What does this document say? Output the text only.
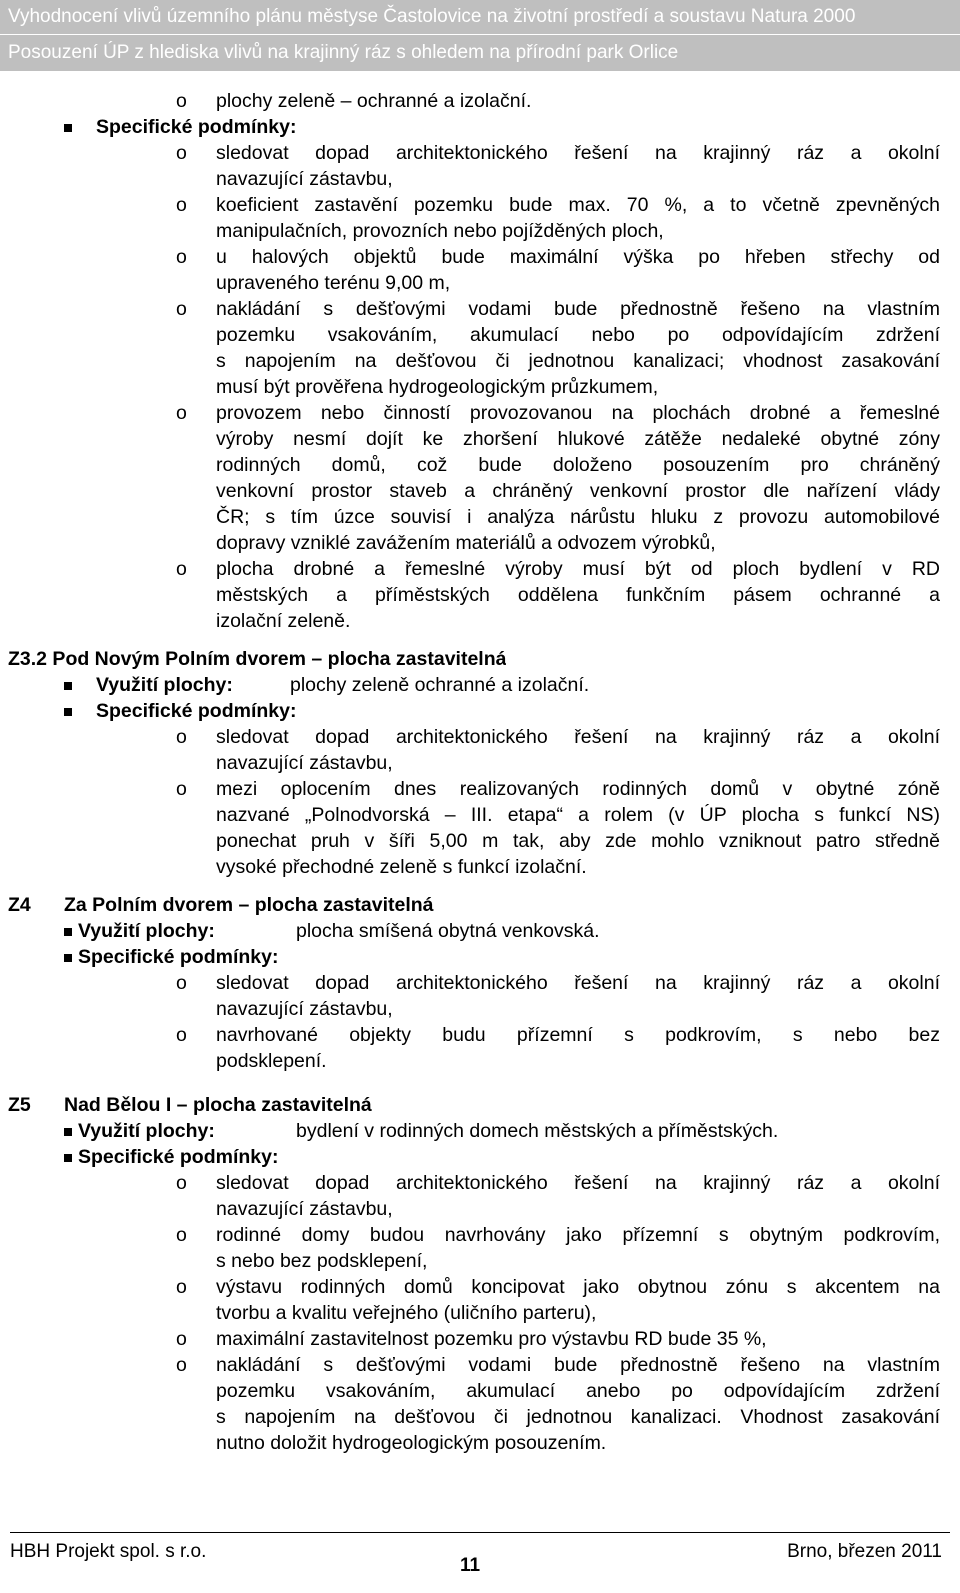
Vyhodnocení vlivů územního plánu městyse Častolovice na životní prostředí a soustavu Natura 2000
Posouzení ÚP z hlediska vlivů na krajinný ráz s ohledem na přírodní park Orlice
o plochy zeleně – ochranné a izolační.
Specifické podmínky:
o sledovat dopad architektonického řešení na krajinný ráz a okolní
navazující zástavbu,
o koeficient zastavění pozemku bude max. 70 %, a to včetně zpevněných
manipulačních, provozních nebo pojížděných ploch,
o u halových objektů bude maximální výška po hřeben střechy od
upraveného terénu 9,00 m,
o nakládání s dešťovými vodami bude přednostně řešeno na vlastním
pozemku vsakováním, akumulací nebo po odpovídajícím zdržení
s napojením na dešťovou či jednotnou kanalizaci; vhodnost zasakování
musí být prověřena hydrogeologickým průzkumem,
o provozem nebo činností provozovanou na plochách drobné a řemeslné
výroby nesmí dojít ke zhoršení hlukové zátěže nedaleké obytné zóny
rodinných domů, což bude doloženo posouzením pro chráněný
venkovní prostor staveb a chráněný venkovní prostor dle nařízení vlády
ČR; s tím úzce souvisí i analýza nárůstu hluku z provozu automobilové
dopravy vzniklé zavážením materiálů a odvozem výrobků,
o plocha drobné a řemeslné výroby musí být od ploch bydlení v RD
městských a příměstských oddělena funkčním pásem ochranné a
izolační zeleně.
Z3.2 Pod Novým Polním dvorem – plocha zastavitelná
Využití plochy:	plochy zeleně ochranné a izolační.
Specifické podmínky:
o sledovat dopad architektonického řešení na krajinný ráz a okolní
navazující zástavbu,
o mezi oplocením dnes realizovaných rodinných domů v obytné zóně
nazvané „Polnodvorská – III. etapa“ a rolem (v ÚP plocha s funkcí NS)
ponechat pruh v šíři 5,00 m tak, aby zde mohlo vzniknout patro středně
vysoké přechodné zeleně s funkcí izolační.
Z4 Za Polním dvorem – plocha zastavitelná
Využití plochy:	plocha smíšená obytná venkovská.
Specifické podmínky:
o sledovat dopad architektonického řešení na krajinný ráz a okolní
navazující zástavbu,
o navrhované objekty budu přízemní s podkrovím, s nebo bez
podsklepení.
Z5 Nad Bělou I – plocha zastavitelná
Využití plochy:	bydlení v rodinných domech městských a příměstských.
Specifické podmínky:
o sledovat dopad architektonického řešení na krajinný ráz a okolní
navazující zástavbu,
o rodinné domy budou navrhovány jako přízemní s obytným podkrovím,
s nebo bez podsklepení,
o výstavu rodinných domů koncipovat jako obytnou zónu s akcentem na
tvorbu a kvalitu veřejného (uličního parteru),
o maximální zastavitelnost pozemku pro výstavbu RD bude 35 %,
o nakládání s dešťovými vodami bude přednostně řešeno na vlastním
pozemku vsakováním, akumulací anebo po odpovídajícím zdržení
s napojením na dešťovou či jednotnou kanalizaci. Vhodnost zasakování
nutno doložit hydrogeologickým posouzením.
HBH Projekt spol. s r.o.
11
Brno, březen 2011
